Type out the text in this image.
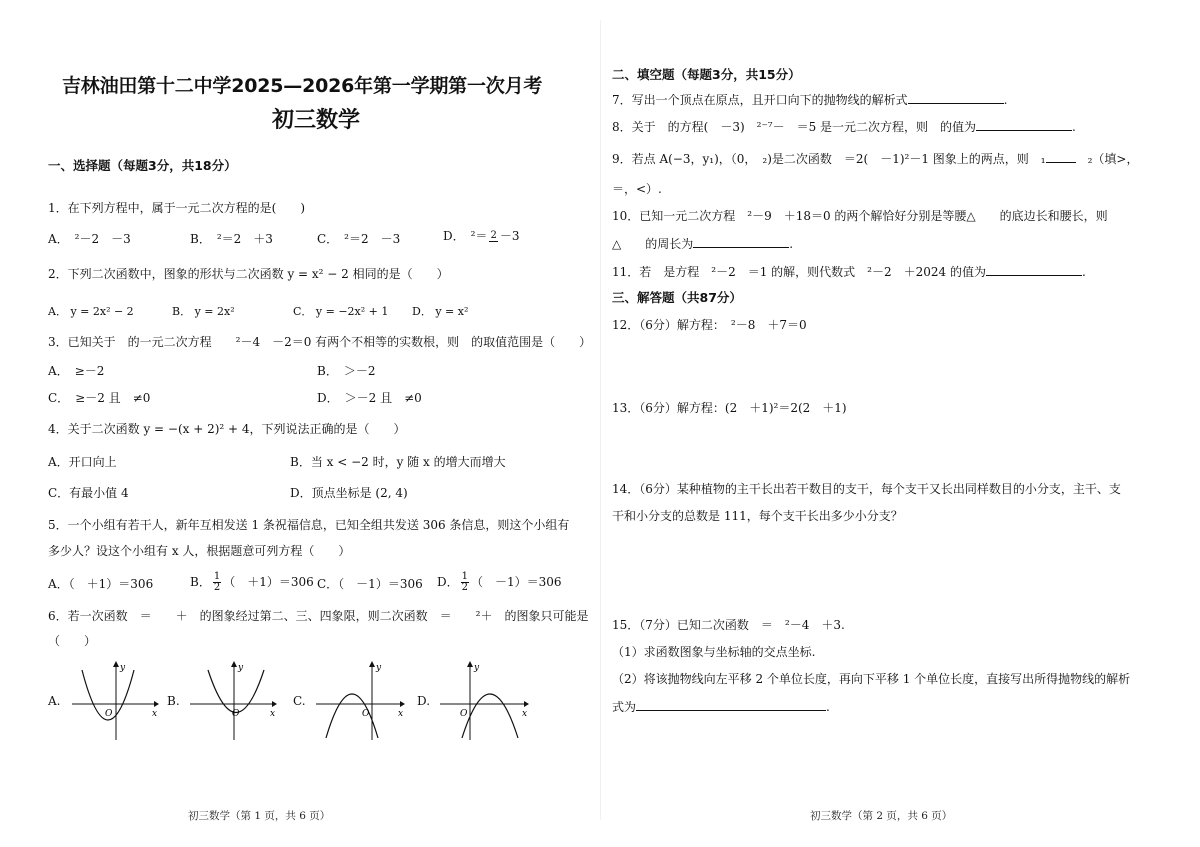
吉林油田第十二中学2025—2026年第一学期第一次月考
初三数学
一、选择题（每题3分，共18分）
1．在下列方程中，属于一元二次方程的是(　　)
A．　²－2　－3	B．　²＝2　＋3	C．　²＝2　－3	D．　²＝ 2 －3
2．下列二次函数中，图象的形状与二次函数 y = x² − 2 相同的是（　　）
A． y = 2x² − 2	B． y = 2x²	C． y = −2x² + 1 D． y = x²
3．已知关于　的一元二次方程　　²－4　－2＝0 有两个不相等的实数根，则　的取值范围是（　　）
A．　≥－2	B．　＞－2
C．　≥－2 且　≠0	D．　＞－2 且　≠0
4．关于二次函数 y = −(x + 2)² + 4，下列说法正确的是（　　）
A．开口向上	B．当 x < −2 时，y 随 x 的增大而增大
C．有最小值 4	D．顶点坐标是 (2, 4)
5．一个小组有若干人，新年互相发送 1 条祝福信息，已知全组共发送 306 条信息，则这个小组有
多少人？设这个小组有 x 人，根据题意可列方程（　　）
A．（　＋1）＝306	B． $\frac{1}{2}$ （　＋1）＝306 C．（　－1）＝306 D． $\frac{1}{2}$ （　－1）＝306
6．若一次函数　＝　　＋　的图象经过第二、三、四象限，则二次函数　＝　　²＋　的图象只可能是
（　　）
A.
y
x
O
B.
y
x
O
C.
y
x
O
D.
y
x
O
初三数学（第 1 页，共 6 页）
二、填空题（每题3分，共15分）
7．写出一个顶点在原点，且开口向下的抛物线的解析式	.
8．关于　的方程(　－3)　²⁻⁷－　＝5 是一元二次方程，则　的值为	.
9．若点 A(−3，y₁)，（0，　₂)是二次函数　＝2(　－1)²－1 图象上的两点，则　₁	　₂（填>，
＝，<）.
10．已知一元二次方程　²－9　＋18＝0 的两个解恰好分别是等腰△　　的底边长和腰长，则
△　　的周长为	.
11．若　是方程　²－2　＝1 的解，则代数式　²－2　＋2024 的值为	.
三、解答题（共87分）
12．（6分）解方程：　²－8　＋7＝0
13．（6分）解方程：(2　＋1)²＝2(2　＋1)
14．（6分）某种植物的主干长出若干数目的支干，每个支干又长出同样数目的小分支，主干、支
干和小分支的总数是 111，每个支干长出多少小分支？
15．（7分）已知二次函数　＝　²－4　＋3.
（1）求函数图象与坐标轴的交点坐标.
（2）将该抛物线向左平移 2 个单位长度，再向下平移 1 个单位长度，直接写出所得抛物线的解析
式为	.
初三数学（第 2 页，共 6 页）
